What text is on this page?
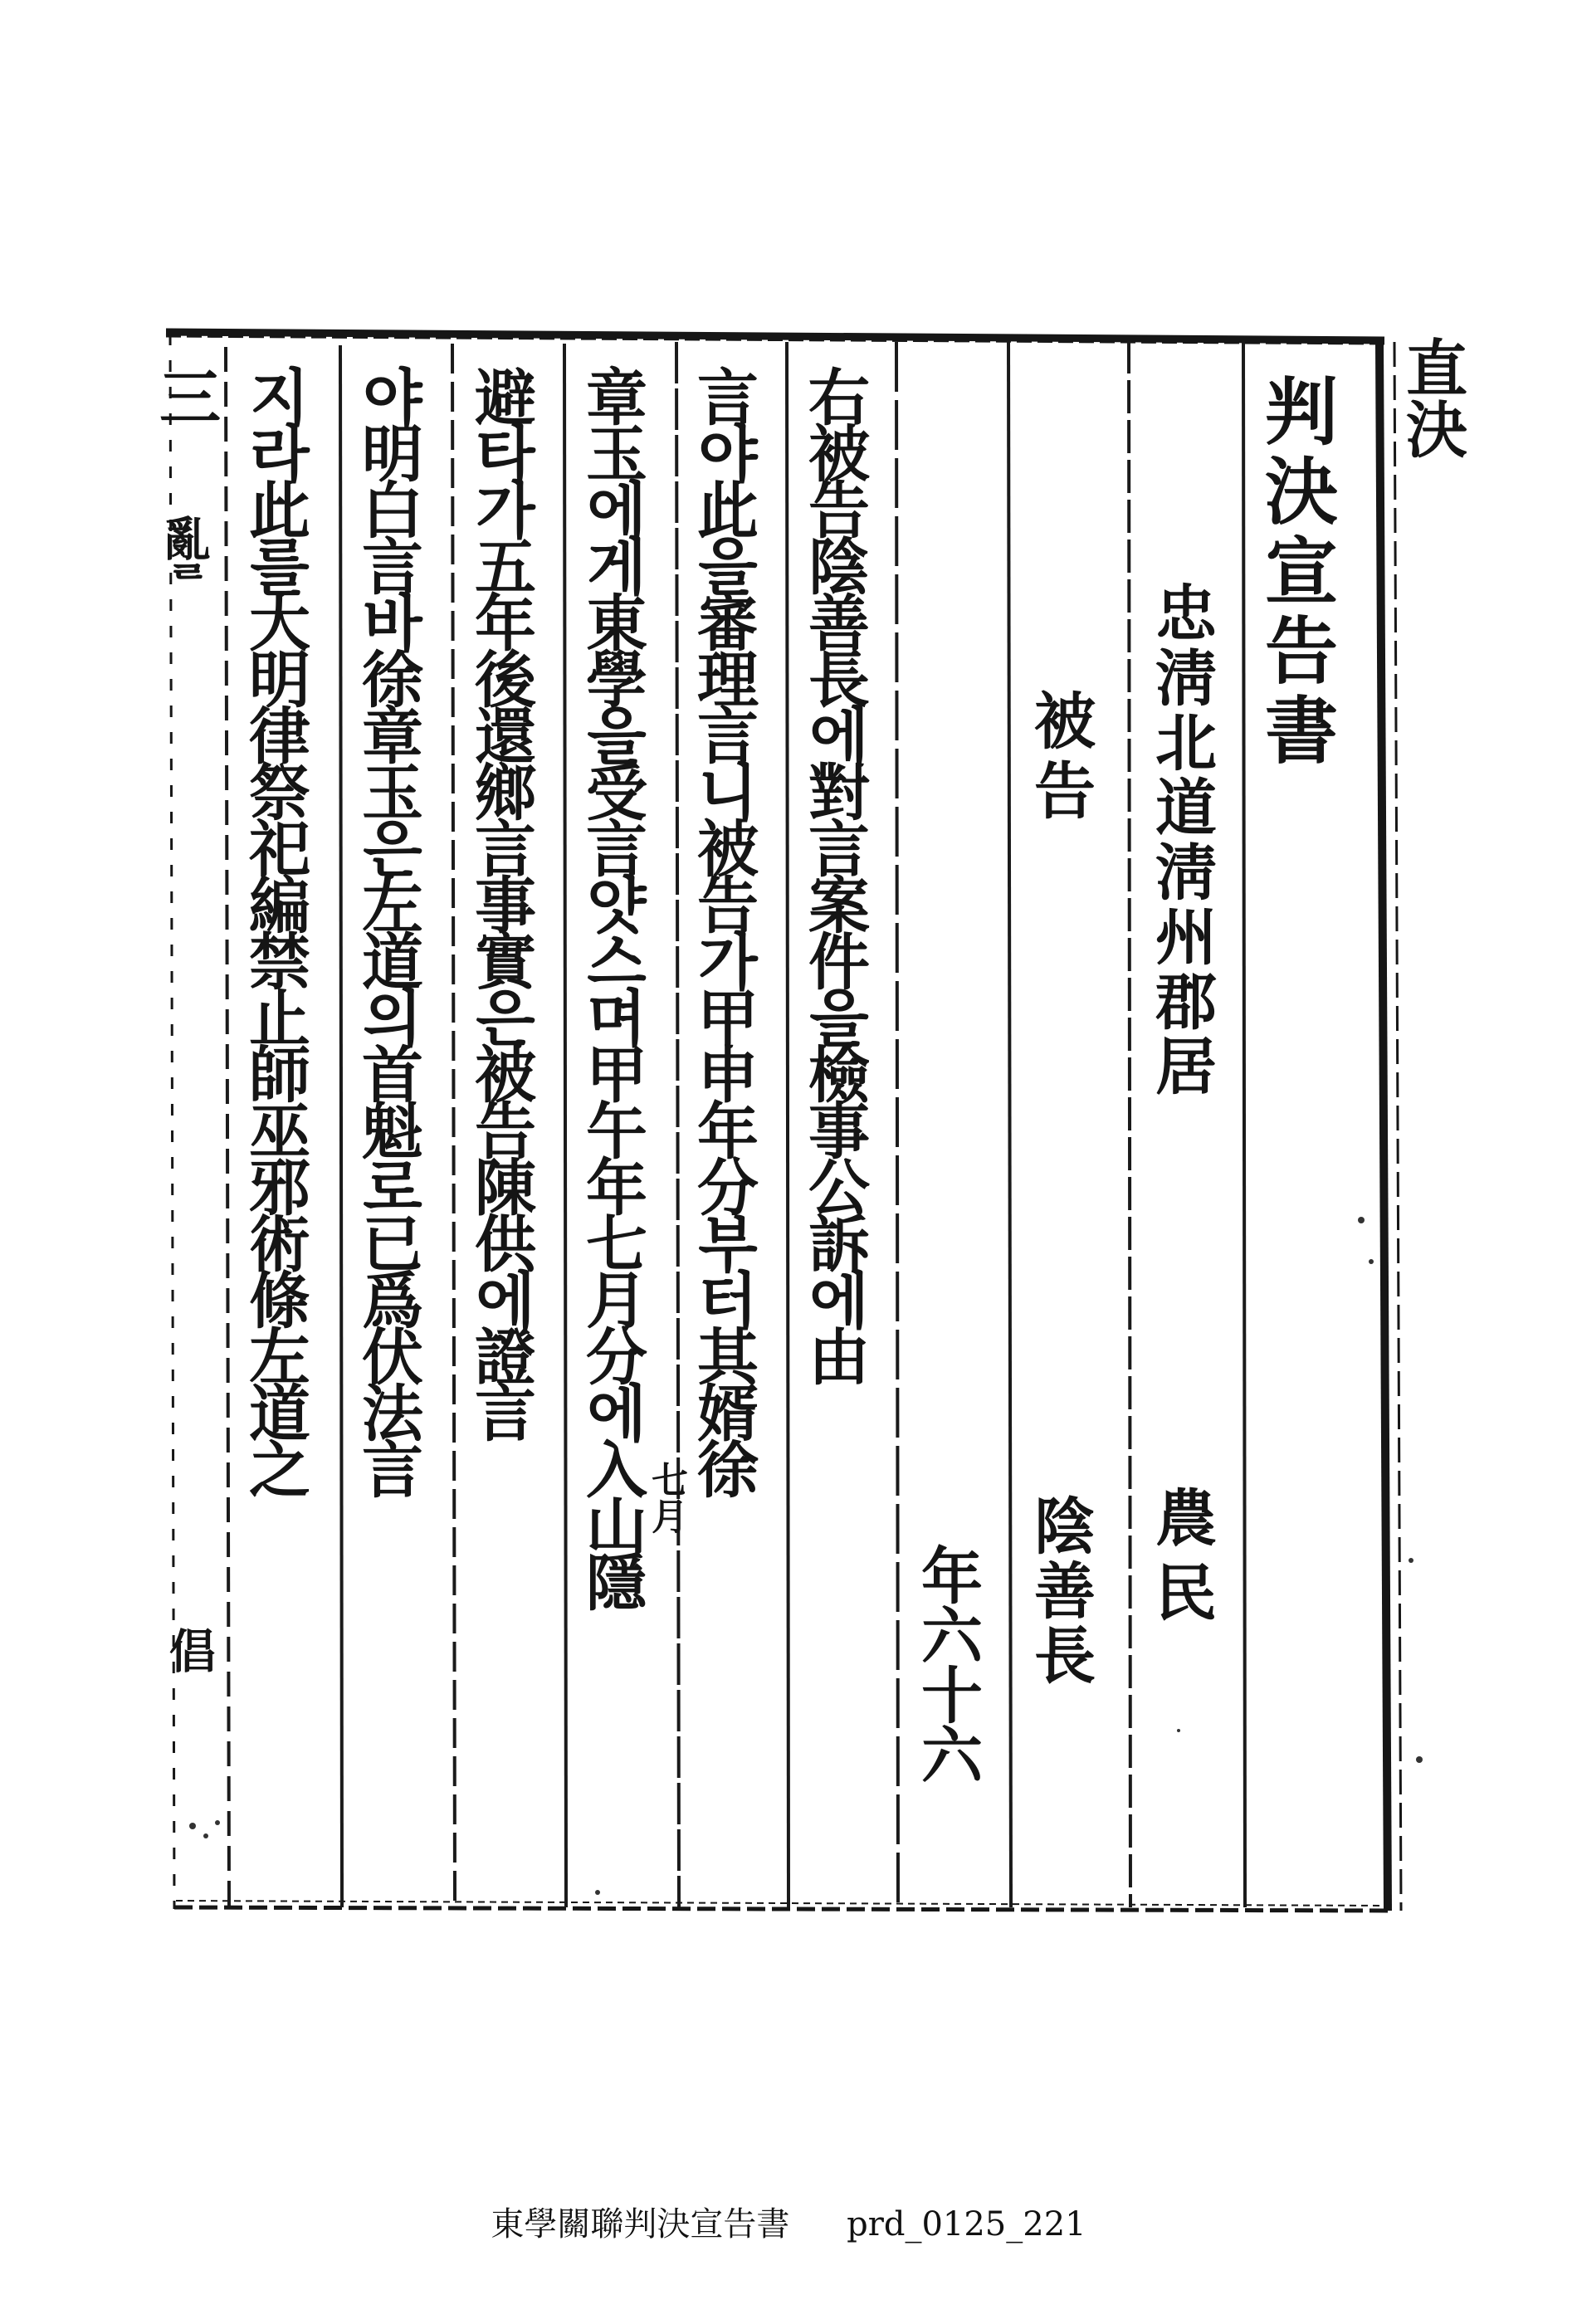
直決
判決宣告書
忠淸北道淸州郡居
農民
被告
陰善長
年六十六
右被告陰善長에對言案件을檢事公訴에由
言야此을審理言니被告가甲申年分부터其婿徐
章玉에게東學을受言얏스며甲午年七月分에入山隱
避타가五年後還鄉言事實은被告陳供에證言
야明白言바徐章玉은左道의首魁로已爲伏法言
지라此를大明律祭祀編禁止師巫邪術條左道之
七月
三
亂ᄅ
倡
東學關聯判決宣告書 prd_0125_221
